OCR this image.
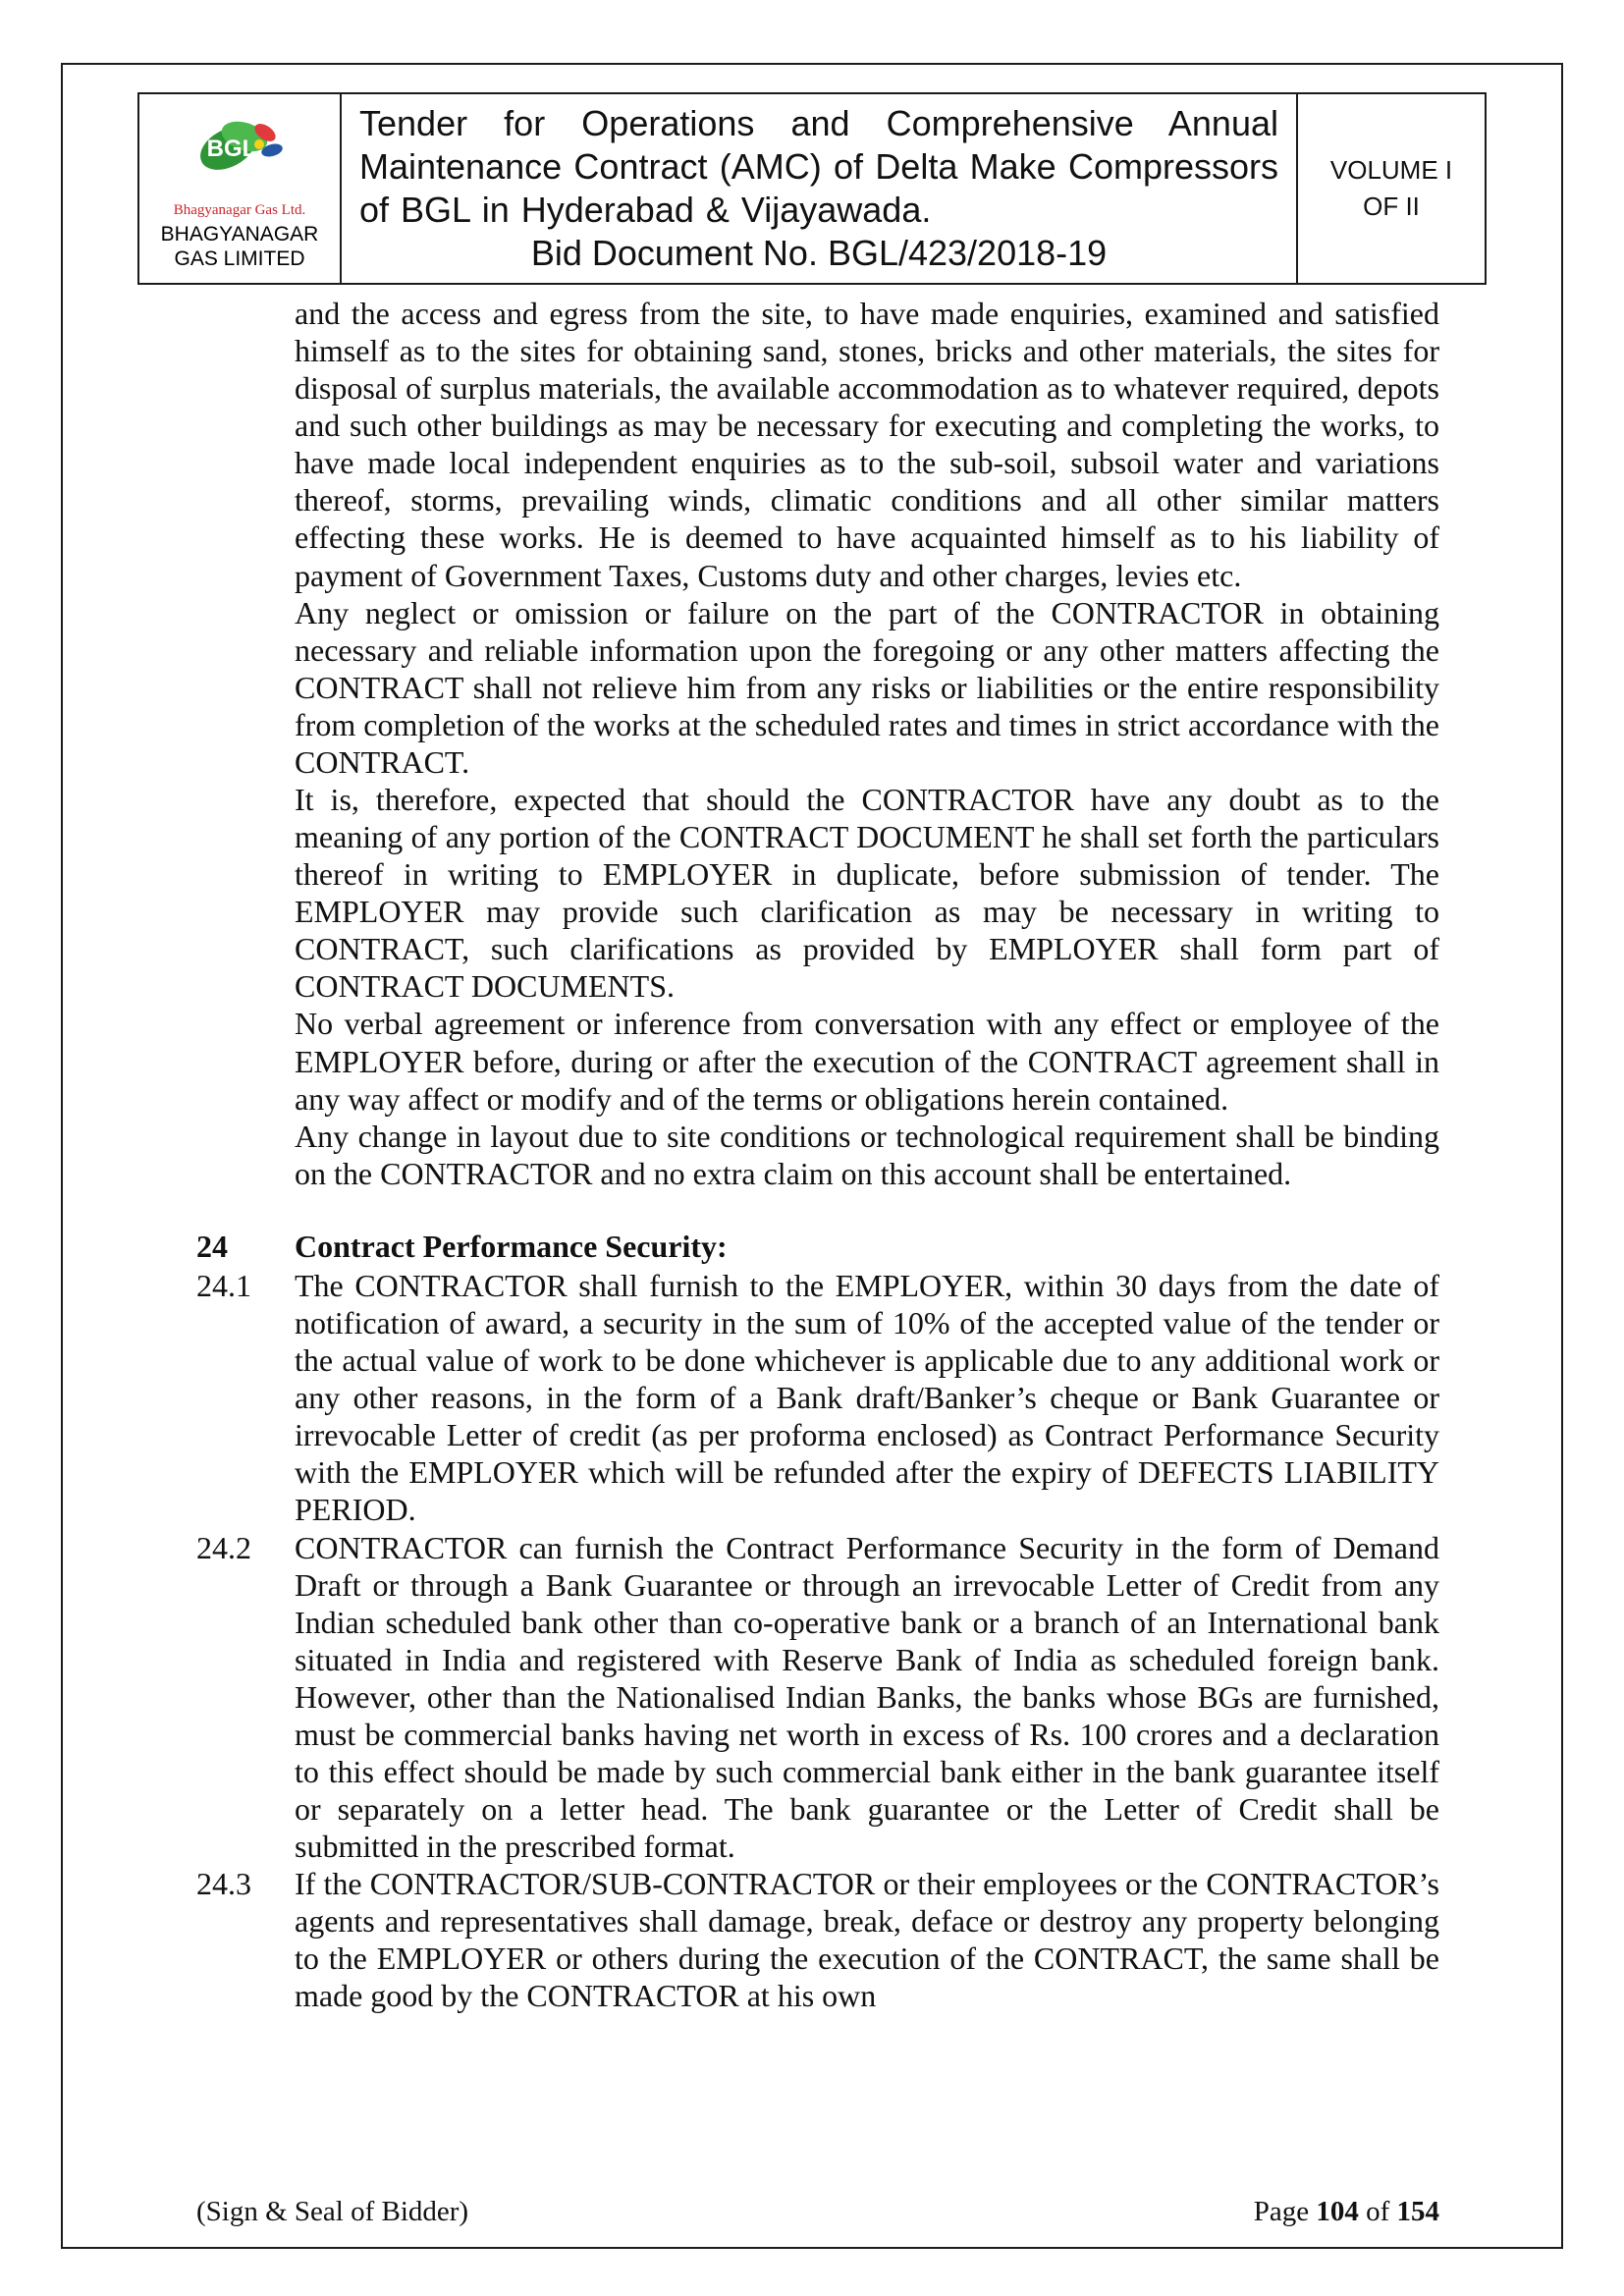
BGL
Bhagyanagar Gas Ltd.
BHAGYANAGAR GAS LIMITED

Tender for Operations and Comprehensive Annual Maintenance Contract (AMC) of Delta Make Compressors of BGL in Hyderabad & Vijayawada.
Bid Document No. BGL/423/2018-19

VOLUME I
OF II
and the access and egress from the site, to have made enquiries, examined and satisfied himself as to the sites for obtaining sand, stones, bricks and other materials, the sites for disposal of surplus materials, the available accommodation as to whatever required, depots and such other buildings as may be necessary for executing and completing the works, to have made local independent enquiries as to the sub-soil, subsoil water and variations thereof, storms, prevailing winds, climatic conditions and all other similar matters effecting these works. He is deemed to have acquainted himself as to his liability of payment of Government Taxes, Customs duty and other charges, levies etc.
Any neglect or omission or failure on the part of the CONTRACTOR in obtaining necessary and reliable information upon the foregoing or any other matters affecting the CONTRACT shall not relieve him from any risks or liabilities or the entire responsibility from completion of the works at the scheduled rates and times in strict accordance with the CONTRACT.
It is, therefore, expected that should the CONTRACTOR have any doubt as to the meaning of any portion of the CONTRACT DOCUMENT he shall set forth the particulars thereof in writing to EMPLOYER in duplicate, before submission of tender. The EMPLOYER may provide such clarification as may be necessary in writing to CONTRACT, such clarifications as provided by EMPLOYER shall form part of CONTRACT DOCUMENTS.
No verbal agreement or inference from conversation with any effect or employee of the EMPLOYER before, during or after the execution of the CONTRACT agreement shall in any way affect or modify and of the terms or obligations herein contained.
Any change in layout due to site conditions or technological requirement shall be binding on the CONTRACTOR and no extra claim on this account shall be entertained.
24	Contract Performance Security:
24.1	The CONTRACTOR shall furnish to the EMPLOYER, within 30 days from the date of notification of award, a security in the sum of 10% of the accepted value of the tender or the actual value of work to be done whichever is applicable due to any additional work or any other reasons, in the form of a Bank draft/Banker’s cheque or Bank Guarantee or irrevocable Letter of credit (as per proforma enclosed) as Contract Performance Security with the EMPLOYER which will be refunded after the expiry of DEFECTS LIABILITY PERIOD.
24.2	CONTRACTOR can furnish the Contract Performance Security in the form of Demand Draft or through a Bank Guarantee or through an irrevocable Letter of Credit from any Indian scheduled bank other than co-operative bank or a branch of an International bank situated in India and registered with Reserve Bank of India as scheduled foreign bank. However, other than the Nationalised Indian Banks, the banks whose BGs are furnished, must be commercial banks having net worth in excess of Rs. 100 crores and a declaration to this effect should be made by such commercial bank either in the bank guarantee itself or separately on a letter head. The bank guarantee or the Letter of Credit shall be submitted in the prescribed format.
24.3	If the CONTRACTOR/SUB-CONTRACTOR or their employees or the CONTRACTOR’s agents and representatives shall damage, break, deface or destroy any property belonging to the EMPLOYER or others during the execution of the CONTRACT, the same shall be made good by the CONTRACTOR at his own
(Sign & Seal of Bidder)	Page 104 of 154
